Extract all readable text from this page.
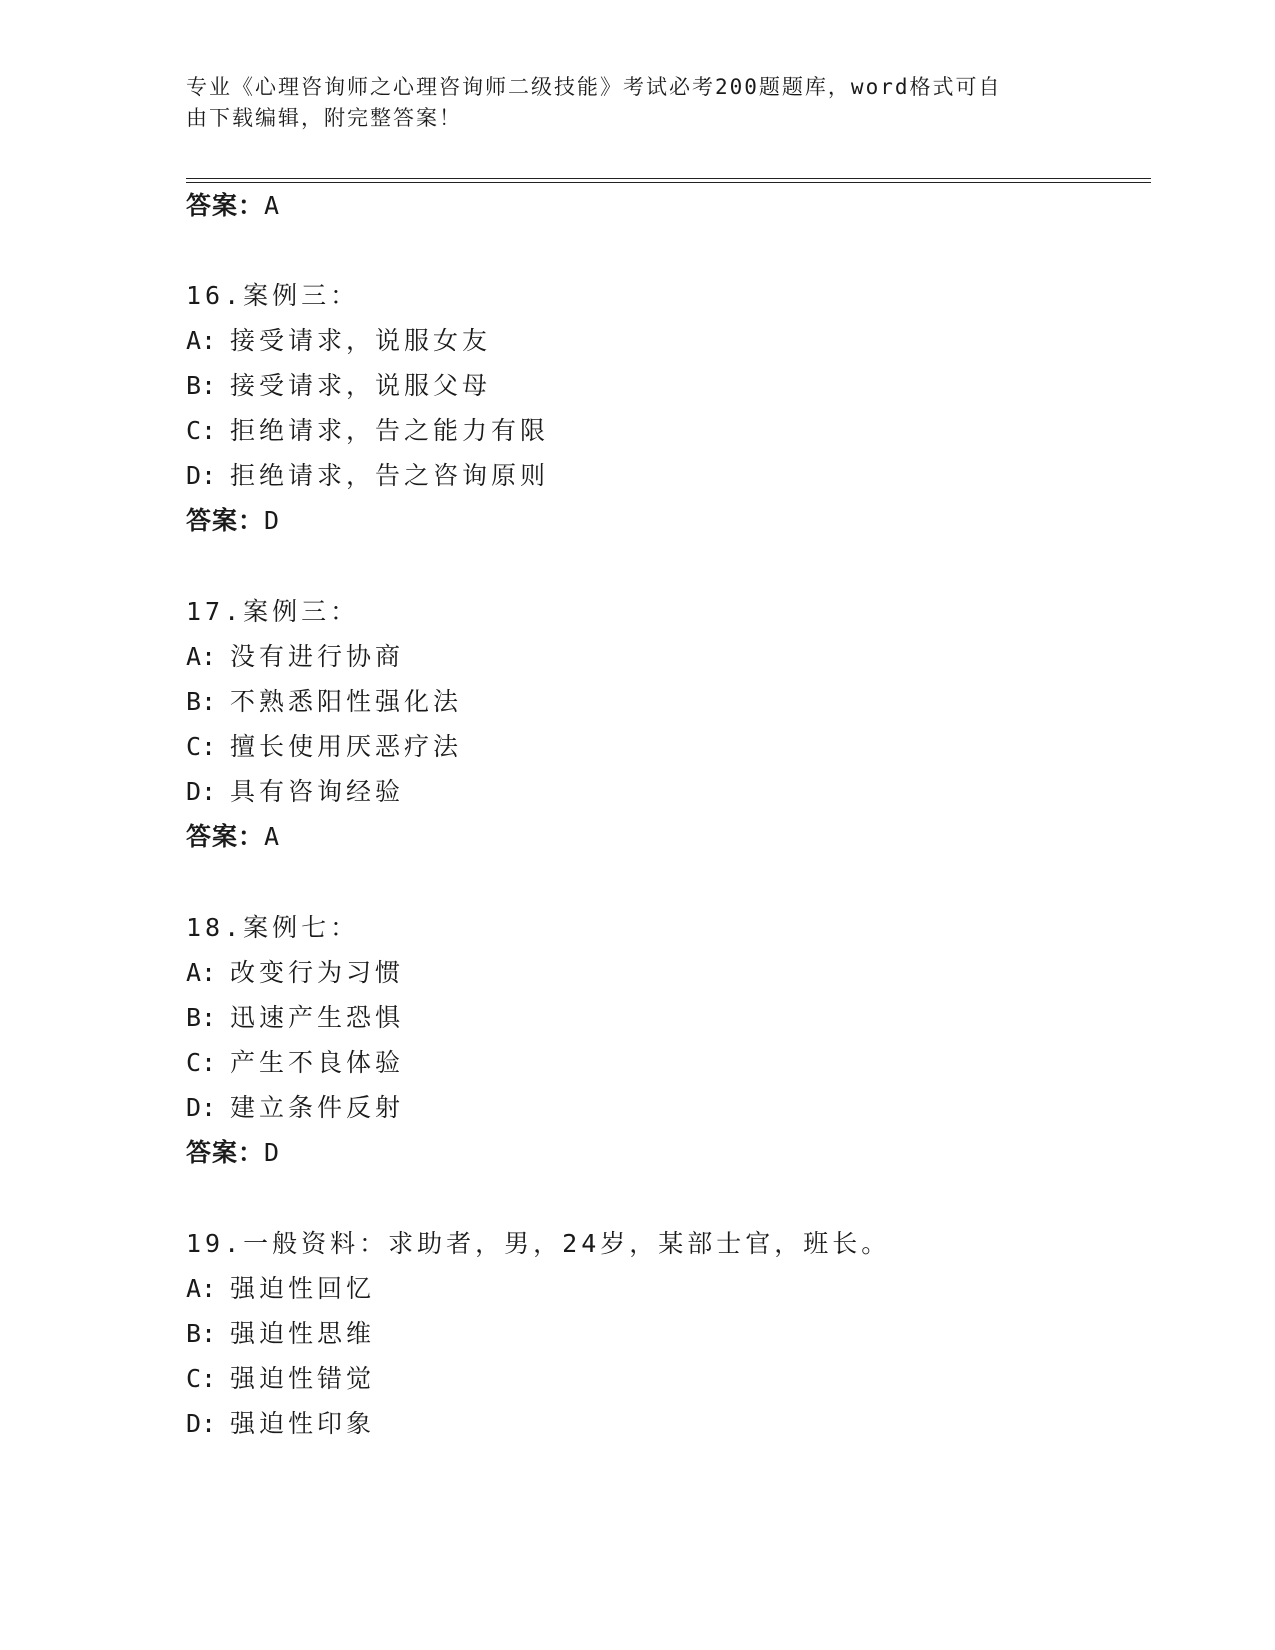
专业《心理咨询师之心理咨询师二级技能》考试必考200题题库，word格式可自
由下载编辑，附完整答案！
答案：A
16.案例三：
A: 接受请求，说服女友
B: 接受请求，说服父母
C: 拒绝请求，告之能力有限
D: 拒绝请求，告之咨询原则
答案：D
17.案例三：
A: 没有进行协商
B: 不熟悉阳性强化法
C: 擅长使用厌恶疗法
D: 具有咨询经验
答案：A
18.案例七：
A: 改变行为习惯
B: 迅速产生恐惧
C: 产生不良体验
D: 建立条件反射
答案：D
19.一般资料：求助者，男，24岁，某部士官，班长。
A: 强迫性回忆
B: 强迫性思维
C: 强迫性错觉
D: 强迫性印象
